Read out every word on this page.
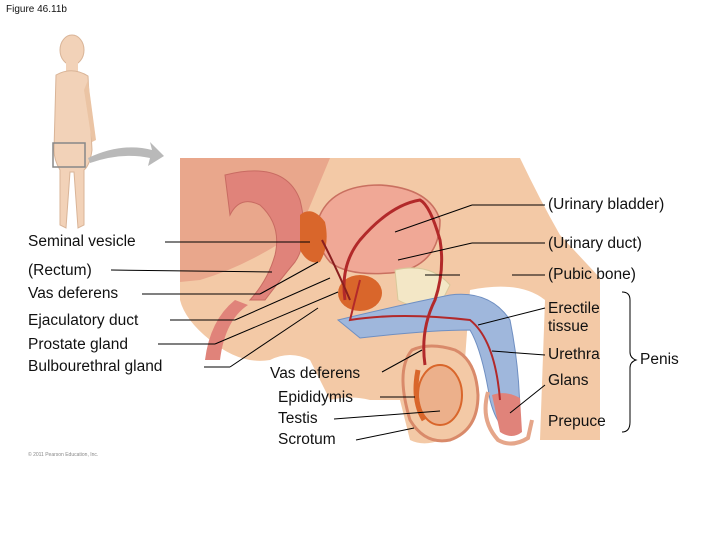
Figure 46.11b
(Urinary bladder)
Seminal vesicle	(Urinary duct)
(Rectum)	(Pubic bone)
Vas deferens
Erectile
tissue
Ejaculatory duct
Prostate gland
Urethra	Penis
Bulbourethral gland	Vas deferens	Glans
Epididymis
Testis	Prepuce
Scrotum
© 2011 Pearson Education, Inc.
